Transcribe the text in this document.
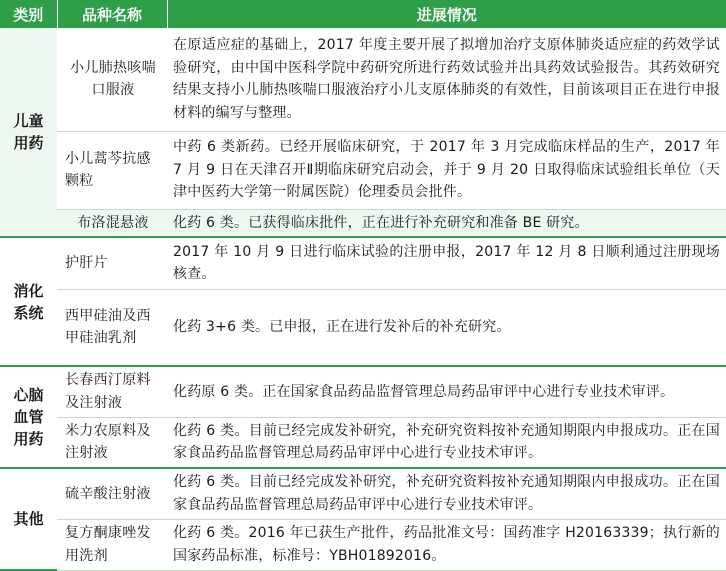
类别	品种名称	进展情况

儿童
用药	小儿肺热咳喘口服液	在原适应症的基础上，2017 年度主要开展了拟增加治疗支原体肺炎适应症的药效学试验研究，由中国中医科学院中药研究所进行药效试验并出具药效试验报告。其药效研究结果支持小儿肺热咳喘口服液治疗小儿支原体肺炎的有效性，目前该项目正在进行申报材料的编写与整理。
	小儿蒿芩抗感颗粒	中药 6 类新药。已经开展临床研究，于 2017 年 3 月完成临床样品的生产，2017 年 7 月 9 日在天津召开Ⅱ期临床研究启动会，并于 9 月 20 日取得临床试验组长单位（天津中医药大学第一附属医院）伦理委员会批件。
	布洛混悬液	化药 6 类。已获得临床批件，正在进行补充研究和准备 BE 研究。

消化
系统	护肝片	2017 年 10 月 9 日进行临床试验的注册申报，2017 年 12 月 8 日顺利通过注册现场核查。
	西甲硅油及西甲硅油乳剂	化药 3+6 类。已申报，正在进行发补后的补充研究。

心脑
血管
用药	长春西汀原料及注射液	化药原 6 类。正在国家食品药品监督管理总局药品审评中心进行专业技术审评。
	米力农原料及注射液	化药 6 类。目前已经完成发补研究，补充研究资料按补充通知期限内申报成功。正在国家食品药品监督管理总局药品审评中心进行专业技术审评。

其他	硫辛酸注射液	化药 6 类。目前已经完成发补研究，补充研究资料按补充通知期限内申报成功。正在国家食品药品监督管理总局药品审评中心进行专业技术审评。
	复方酮康唑发用洗剂	化药 6 类。2016 年已获生产批件，药品批准文号：国药准字 H20163339；执行新的国家药品标准，标准号：YBH01892016。
